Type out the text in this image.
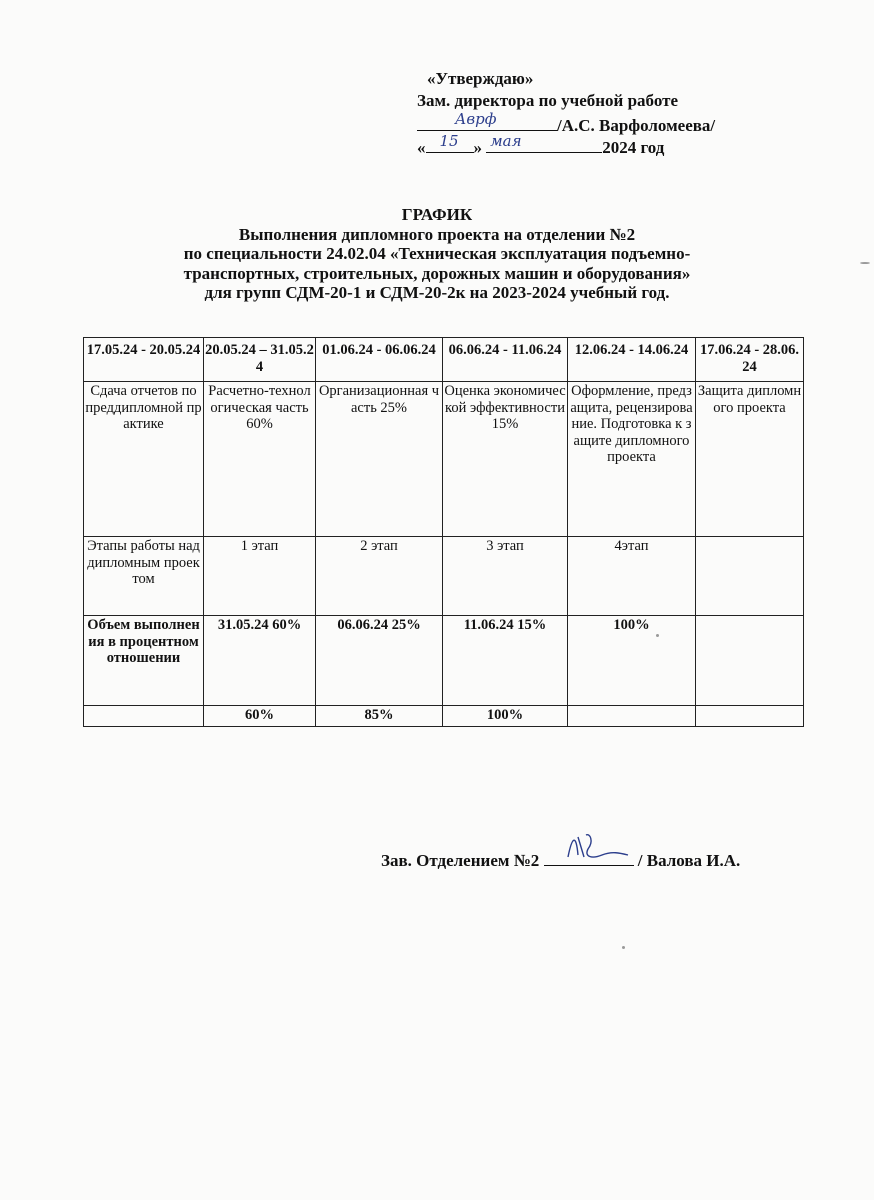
«Утверждаю»
Зам. директора по учебной работе
Аврф	/А.С. Варфоломеева/
« 15 » мая	2024 год
ГРАФИК
Выполнения дипломного проекта на отделении №2
по специальности 24.02.04 «Техническая эксплуатация подъемно-
транспортных, строительных, дорожных машин и оборудования»
для групп СДМ-20-1 и СДМ-20-2к на 2023-2024 учебный год.
17.05.24 - 20.05.24	20.05.24 – 31.05.24	01.06.24 - 06.06.24	06.06.24 - 11.06.24	12.06.24 - 14.06.24	17.06.24 - 28.06.24
Сдача отчетов по преддипломной практике	Расчетно-технологическая часть 60%	Организационная часть 25%	Оценка экономической эффективности 15%	Оформление, предзащита, рецензирование. Подготовка к защите дипломного проекта	Защита дипломного проекта
Этапы работы над дипломным проектом	1 этап	2 этап	3 этап	4этап	
Объем выполнения в процентном отношении	31.05.24 60%	06.06.24 25%	11.06.24 15%	100%	
	60%	85%	100%		
Зав. Отделением №2	/ Валова И.А.
